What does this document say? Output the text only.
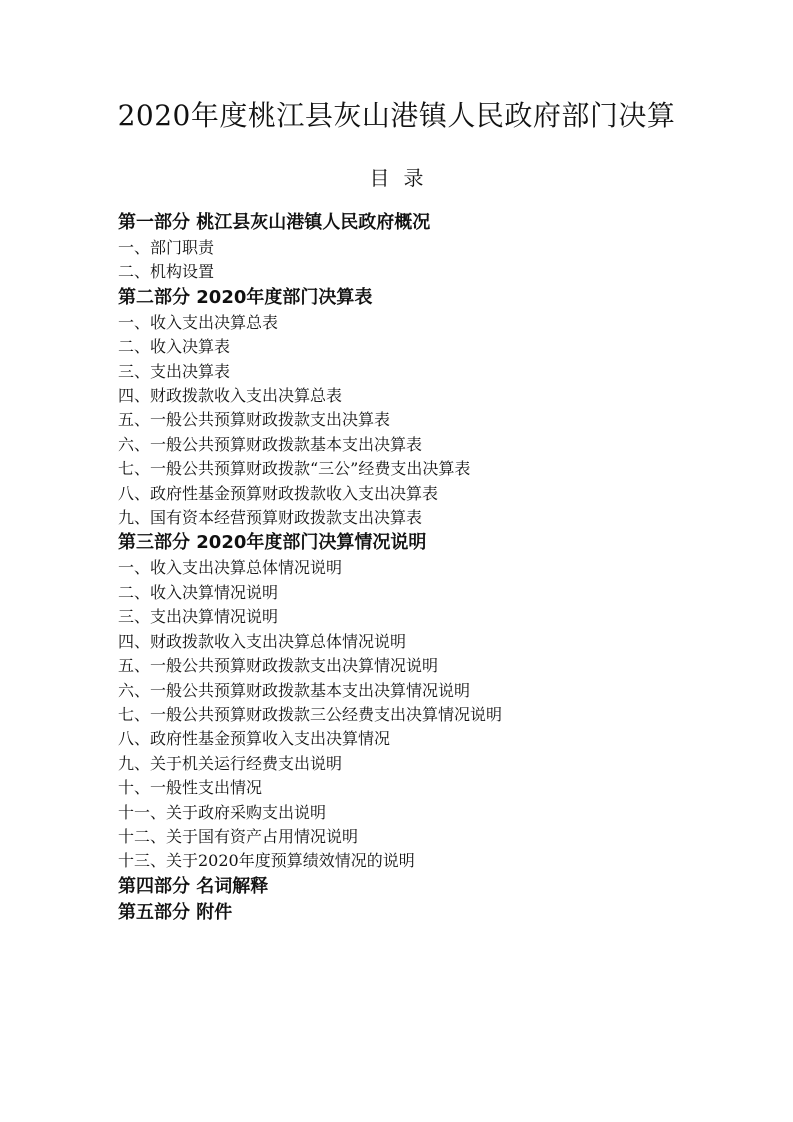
2020年度桃江县灰山港镇人民政府部门决算
目录
第一部分 桃江县灰山港镇人民政府概况
一、部门职责
二、机构设置
第二部分 2020年度部门决算表
一、收入支出决算总表
二、收入决算表
三、支出决算表
四、财政拨款收入支出决算总表
五、一般公共预算财政拨款支出决算表
六、一般公共预算财政拨款基本支出决算表
七、一般公共预算财政拨款“三公”经费支出决算表
八、政府性基金预算财政拨款收入支出决算表
九、国有资本经营预算财政拨款支出决算表
第三部分 2020年度部门决算情况说明
一、收入支出决算总体情况说明
二、收入决算情况说明
三、支出决算情况说明
四、财政拨款收入支出决算总体情况说明
五、一般公共预算财政拨款支出决算情况说明
六、一般公共预算财政拨款基本支出决算情况说明
七、一般公共预算财政拨款三公经费支出决算情况说明
八、政府性基金预算收入支出决算情况
九、关于机关运行经费支出说明
十、一般性支出情况
十一、关于政府采购支出说明
十二、关于国有资产占用情况说明
十三、关于2020年度预算绩效情况的说明
第四部分 名词解释
第五部分 附件
